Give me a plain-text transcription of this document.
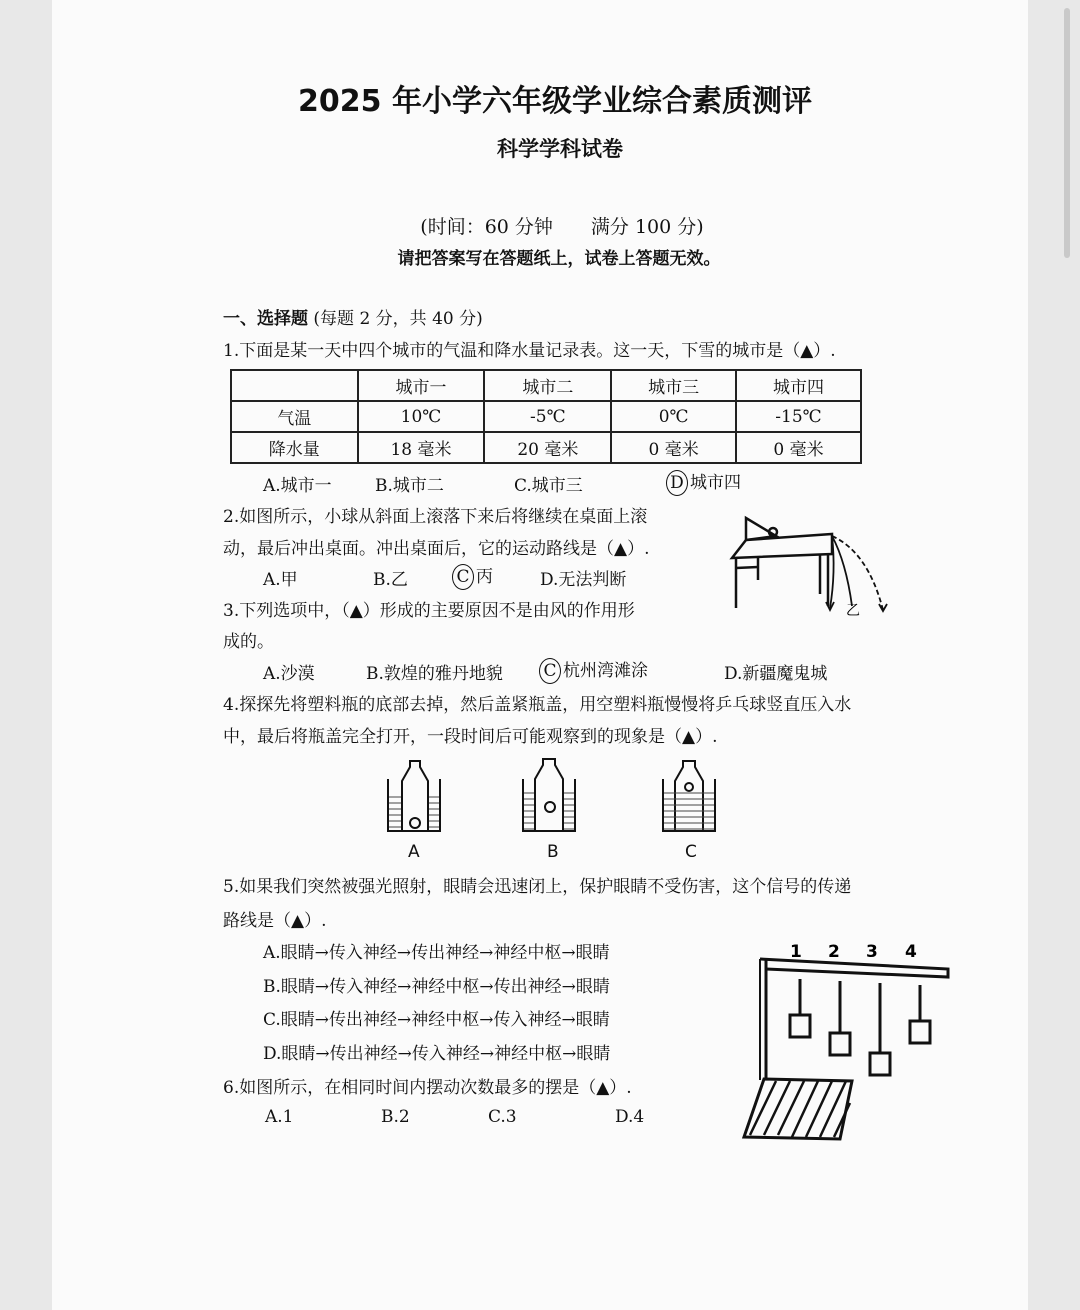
2025 年小学六年级学业综合素质测评
科学学科试卷
(时间：60 分钟　　满分 100 分)
请把答案写在答题纸上，试卷上答题无效。
一、选择题 (每题 2 分，共 40 分)
1.下面是某一天中四个城市的气温和降水量记录表。这一天，下雪的城市是（▲）.
	城市一	城市二	城市三	城市四
气温	10℃	-5℃	0℃	-15℃
降水量	18 毫米	20 毫米	0 毫米	0 毫米
A.城市一	B.城市二	C.城市三	D 城市四
2.如图所示，小球从斜面上滚落下来后将继续在桌面上滚
动，最后冲出桌面。冲出桌面后，它的运动路线是（▲）.
A.甲	B.乙	C 丙	D.无法判断
乙
3.下列选项中，（▲）形成的主要原因不是由风的作用形
成的。
A.沙漠	B.敦煌的雅丹地貌 C 杭州湾滩涂	D.新疆魔鬼城
4.探探先将塑料瓶的底部去掉，然后盖紧瓶盖，用空塑料瓶慢慢将乒乓球竖直压入水
中，最后将瓶盖完全打开，一段时间后可能观察到的现象是（▲）.
A	B	C
5.如果我们突然被强光照射，眼睛会迅速闭上，保护眼睛不受伤害，这个信号的传递
路线是（▲）.
A.眼睛→传入神经→传出神经→神经中枢→眼睛
B.眼睛→传入神经→神经中枢→传出神经→眼睛
C.眼睛→传出神经→神经中枢→传入神经→眼睛
D.眼睛→传出神经→传入神经→神经中枢→眼睛
6.如图所示，在相同时间内摆动次数最多的摆是（▲）.
A.1	B.2	C.3	D.4
1 2 3 4
